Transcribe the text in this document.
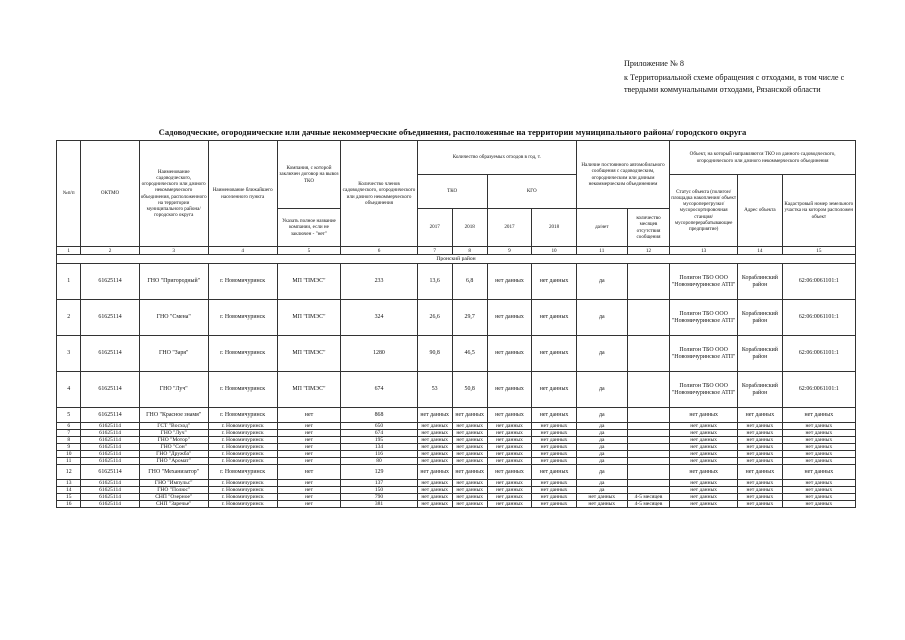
Приложение № 8
к Территориальной схеме обращения с отходами, в том числе с твердыми коммунальными отходами, Рязанской области
Садоводческие, огороднические или дачные некоммерческие объединения, расположенные на территории муниципального района/ городского округа
№п/п	ОКТМО	Наименование садоводческого, огороднического или дачного некоммерческого объединения, расположенного на территории муниципального района/городского округа	Наименование ближайшего населенного пункта	Компания, с которой заключен договор на вывоз ТКО	Количество членов садоводческого, огороднического или дачного некоммерческого объединения	Количество образуемых отходов в год, т.				Наличие постоянного автомобильного сообщения с садоводческим, огородническим или дачным некоммерческим объединением		Объект, на который направляются ТКО из данного садоводческого, огороднического или дачного некоммерческого объединения		
						ТКО		КГО				Статус объекта (полигон/ площадка накопления/ объект мусороперегрузки/ мусоросортировочная станция/ мусороперерабатывающее предприятие)	Адрес объекта	Кадастровый номер земельного участка на котором расположен объект
				Указать полное название компании, если не заключен - "нет"		2017	2018	2017	2018	да/нет	количество месяцев отсутствия сообщения			
1	2	3	4	5	6	7	8	9	10	11	12	13	14	15
Пронский район														
1	61625114	ГНО "Пригородный"	г. Новомичуринск	МП "ПМЭС"	233	13,6	6,8	нет данных	нет данных	да		Полигон ТБО ООО "Новомичуринское АТП"	Кораблинский район	62:06:0061101:1
2	61625114	ГНО "Смена"	г. Новомичуринск	МП "ПМЭС"	324	26,6	29,7	нет данных	нет данных	да		Полигон ТБО ООО "Новомичуринское АТП"	Кораблинский район	62:06:0061101:1
3	61625114	ГНО "Заря"	г. Новомичуринск	МП "ПМЭС"	1280	90,8	46,5	нет данных	нет данных	да		Полигон ТБО ООО "Новомичуринское АТП"	Кораблинский район	62:06:0061101:1
4	61625114	ГНО "Луч"	г. Новомичуринск	МП "ПМЭС"	674	53	50,8	нет данных	нет данных	да		Полигон ТБО ООО "Новомичуринское АТП"	Кораблинский район	62:06:0061101:1
5	61625114	ГНО "Красное знамя"	г. Новомичуринск	нет	868	нет данных	нет данных	нет данных	нет данных	да		нет данных	нет данных	нет данных
6	61625114	ГСТ "Восход"	г. Новомичуринск	нет	650	нет данных	нет данных	нет данных	нет данных	да		нет данных	нет данных	нет данных
7	61625114	ГНО "Луч"	г. Новомичуринск	нет	674	нет данных	нет данных	нет данных	нет данных	да		нет данных	нет данных	нет данных
8	61625114	ГНО "Мотор"	г. Новомичуринск	нет	195	нет данных	нет данных	нет данных	нет данных	да		нет данных	нет данных	нет данных
9	61625114	ГНО "Сон"	г. Новомичуринск	нет	134	нет данных	нет данных	нет данных	нет данных	да		нет данных	нет данных	нет данных
10	61625114	ГНО "Дружба"	г. Новомичуринск	нет	116	нет данных	нет данных	нет данных	нет данных	да		нет данных	нет данных	нет данных
11	61625114	ГНО "Аромат"	г. Новомичуринск	нет	80	нет данных	нет данных	нет данных	нет данных	да		нет данных	нет данных	нет данных
12	61625114	ГНО "Механизатор"	г. Новомичуринск	нет	129	нет данных	нет данных	нет данных	нет данных	да		нет данных	нет данных	нет данных
13	61625114	ГНО "Импульс"	г. Новомичуринск	нет	137	нет данных	нет данных	нет данных	нет данных	да		нет данных	нет данных	нет данных
14	61625114	ГНО "Полюс"	г. Новомичуринск	нет	150	нет данных	нет данных	нет данных	нет данных	да		нет данных	нет данных	нет данных
15	61625114	СНП "Озерное"	г. Новомичуринск	нет	790	нет данных	нет данных	нет данных	нет данных	нет данных	4-5 месяцев	нет данных	нет данных	нет данных
16	61625114	СНП "Заречье"	г. Новомичуринск	нет	381	нет данных	нет данных	нет данных	нет данных	нет данных	4-5 месяцев	нет данных	нет данных	нет данных
